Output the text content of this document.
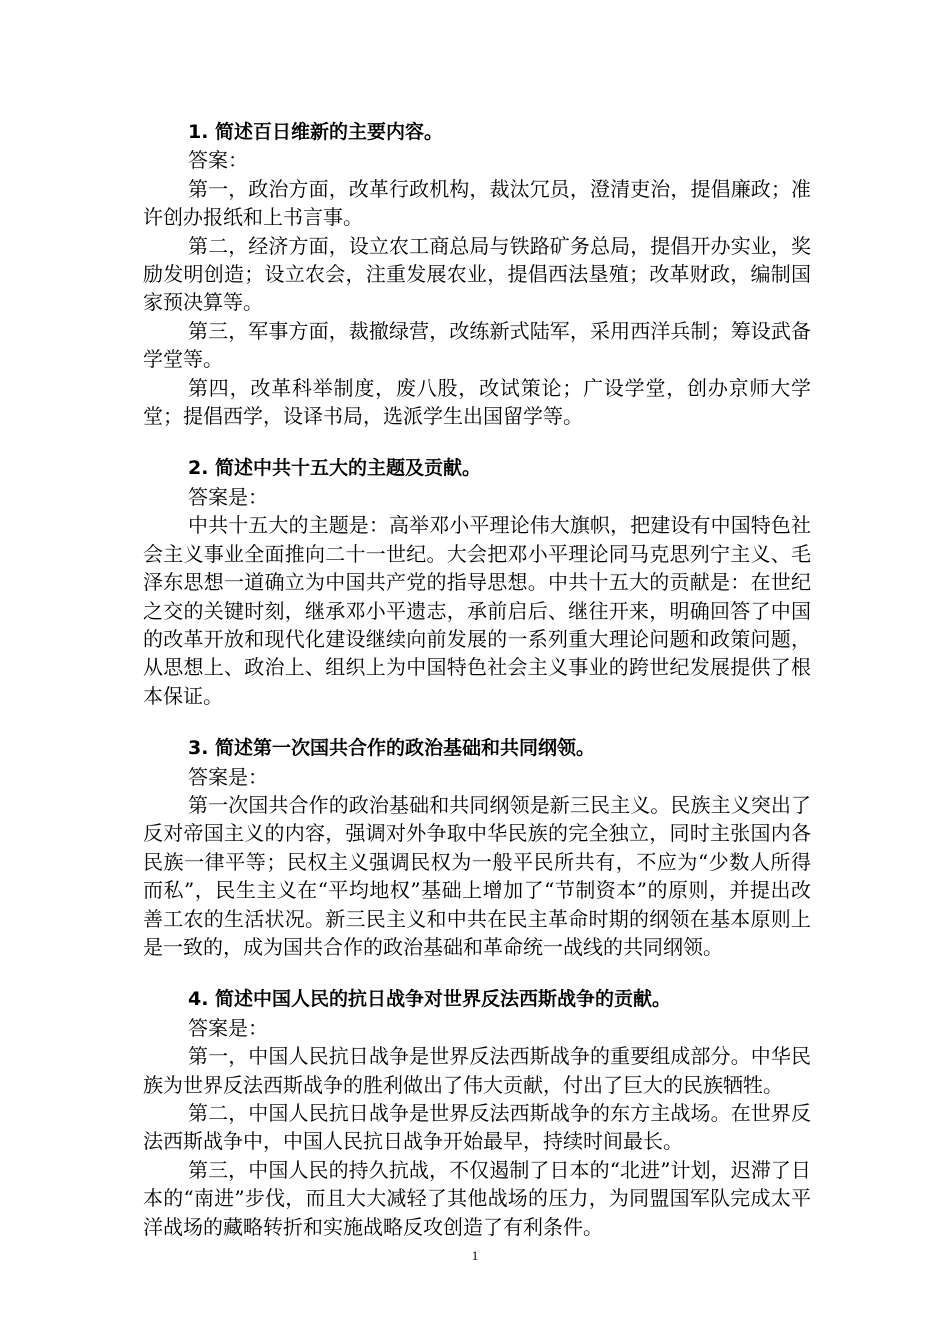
1. 简述百日维新的主要内容。

答案：

第一，政治方面，改革行政机构，裁汰冗员，澄清吏治，提倡廉政；准许创办报纸和上书言事。

第二，经济方面，设立农工商总局与铁路矿务总局，提倡开办实业，奖励发明创造；设立农会，注重发展农业，提倡西法垦殖；改革财政，编制国家预决算等。

第三，军事方面，裁撤绿营，改练新式陆军，采用西洋兵制；筹设武备学堂等。

第四，改革科举制度，废八股，改试策论；广设学堂，创办京师大学堂；提倡西学，设译书局，选派学生出国留学等。

2. 简述中共十五大的主题及贡献。

答案是：

中共十五大的主题是：高举邓小平理论伟大旗帜，把建设有中国特色社会主义事业全面推向二十一世纪。大会把邓小平理论同马克思列宁主义、毛泽东思想一道确立为中国共产党的指导思想。中共十五大的贡献是：在世纪之交的关键时刻，继承邓小平遗志，承前启后、继往开来，明确回答了中国的改革开放和现代化建设继续向前发展的一系列重大理论问题和政策问题，从思想上、政治上、组织上为中国特色社会主义事业的跨世纪发展提供了根本保证。

3. 简述第一次国共合作的政治基础和共同纲领。

答案是：

第一次国共合作的政治基础和共同纲领是新三民主义。民族主义突出了反对帝国主义的内容，强调对外争取中华民族的完全独立，同时主张国内各民族一律平等；民权主义强调民权为一般平民所共有，不应为“少数人所得而私”，民生主义在“平均地权”基础上增加了“节制资本”的原则，并提出改善工农的生活状况。新三民主义和中共在民主革命时期的纲领在基本原则上是一致的，成为国共合作的政治基础和革命统一战线的共同纲领。

4. 简述中国人民的抗日战争对世界反法西斯战争的贡献。

答案是：

第一，中国人民抗日战争是世界反法西斯战争的重要组成部分。中华民族为世界反法西斯战争的胜利做出了伟大贡献，付出了巨大的民族牺牲。

第二，中国人民抗日战争是世界反法西斯战争的东方主战场。在世界反法西斯战争中，中国人民抗日战争开始最早，持续时间最长。

第三，中国人民的持久抗战，不仅遏制了日本的“北进”计划，迟滞了日本的“南进”步伐，而且大大减轻了其他战场的压力，为同盟国军队完成太平洋战场的藏略转折和实施战略反攻创造了有利条件。

1
